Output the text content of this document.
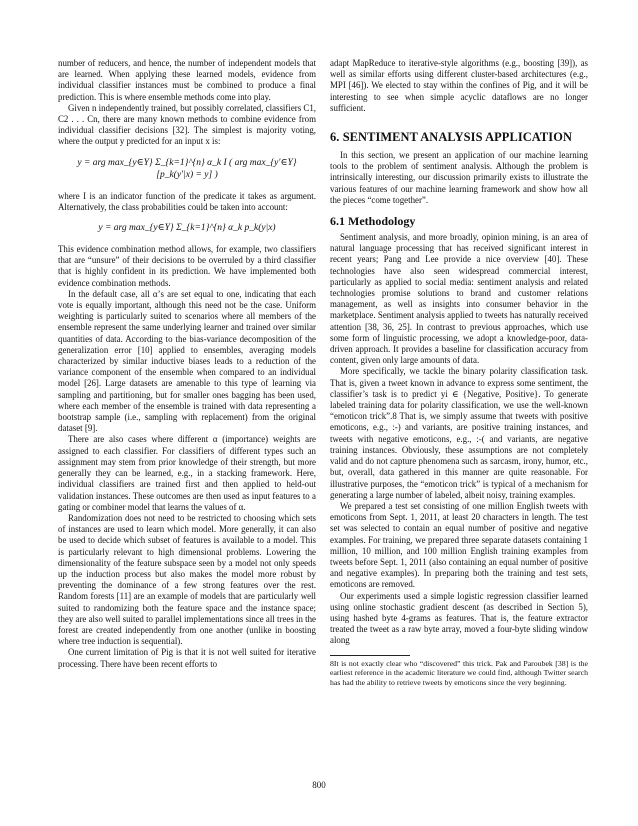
number of reducers, and hence, the number of independent models that are learned. When applying these learned models, evidence from individual classifier instances must be combined to produce a final prediction. This is where ensemble methods come into play.

Given n independently trained, but possibly correlated, classifiers C1, C2 . . . Cn, there are many known methods to combine evidence from individual classifier decisions [32]. The simplest is majority voting, where the output y predicted for an input x is:

y = arg max_{y∈Y} Σ_{k=1}^{n} α_k I ( arg max_{y′∈Y} [p_k(y′|x) = y] )

where I is an indicator function of the predicate it takes as argument. Alternatively, the class probabilities could be taken into account:

y = arg max_{y∈Y} Σ_{k=1}^{n} α_k p_k(y|x)

This evidence combination method allows, for example, two classifiers that are “unsure” of their decisions to be overruled by a third classifier that is highly confident in its prediction. We have implemented both evidence combination methods.

In the default case, all α’s are set equal to one, indicating that each vote is equally important, although this need not be the case. Uniform weighting is particularly suited to scenarios where all members of the ensemble represent the same underlying learner and trained over similar quantities of data. According to the bias-variance decomposition of the generalization error [10] applied to ensembles, averaging models characterized by similar inductive biases leads to a reduction of the variance component of the ensemble when compared to an individual model [26]. Large datasets are amenable to this type of learning via sampling and partitioning, but for smaller ones bagging has been used, where each member of the ensemble is trained with data representing a bootstrap sample (i.e., sampling with replacement) from the original dataset [9].

There are also cases where different α (importance) weights are assigned to each classifier. For classifiers of different types such an assignment may stem from prior knowledge of their strength, but more generally they can be learned, e.g., in a stacking framework. Here, individual classifiers are trained first and then applied to held-out validation instances. These outcomes are then used as input features to a gating or combiner model that learns the values of α.

Randomization does not need to be restricted to choosing which sets of instances are used to learn which model. More generally, it can also be used to decide which subset of features is available to a model. This is particularly relevant to high dimensional problems. Lowering the dimensionality of the feature subspace seen by a model not only speeds up the induction process but also makes the model more robust by preventing the dominance of a few strong features over the rest. Random forests [11] are an example of models that are particularly well suited to randomizing both the feature space and the instance space; they are also well suited to parallel implementations since all trees in the forest are created independently from one another (unlike in boosting where tree induction is sequential).

One current limitation of Pig is that it is not well suited for iterative processing. There have been recent efforts to

adapt MapReduce to iterative-style algorithms (e.g., boosting [39]), as well as similar efforts using different cluster-based architectures (e.g., MPI [46]). We elected to stay within the confines of Pig, and it will be interesting to see when simple acyclic dataflows are no longer sufficient.

6. SENTIMENT ANALYSIS APPLICATION

In this section, we present an application of our machine learning tools to the problem of sentiment analysis. Although the problem is intrinsically interesting, our discussion primarily exists to illustrate the various features of our machine learning framework and show how all the pieces “come together”.

6.1 Methodology

Sentiment analysis, and more broadly, opinion mining, is an area of natural language processing that has received significant interest in recent years; Pang and Lee provide a nice overview [40]. These technologies have also seen widespread commercial interest, particularly as applied to social media: sentiment analysis and related technologies promise solutions to brand and customer relations management, as well as insights into consumer behavior in the marketplace. Sentiment analysis applied to tweets has naturally received attention [38, 36, 25]. In contrast to previous approaches, which use some form of linguistic processing, we adopt a knowledge-poor, data-driven approach. It provides a baseline for classification accuracy from content, given only large amounts of data.

More specifically, we tackle the binary polarity classification task. That is, given a tweet known in advance to express some sentiment, the classifier’s task is to predict yi ∈ {Negative, Positive}. To generate labeled training data for polarity classification, we use the well-known “emoticon trick”.8 That is, we simply assume that tweets with positive emoticons, e.g., :-) and variants, are positive training instances, and tweets with negative emoticons, e.g., :-( and variants, are negative training instances. Obviously, these assumptions are not completely valid and do not capture phenomena such as sarcasm, irony, humor, etc., but, overall, data gathered in this manner are quite reasonable. For illustrative purposes, the “emoticon trick” is typical of a mechanism for generating a large number of labeled, albeit noisy, training examples.

We prepared a test set consisting of one million English tweets with emoticons from Sept. 1, 2011, at least 20 characters in length. The test set was selected to contain an equal number of positive and negative examples. For training, we prepared three separate datasets containing 1 million, 10 million, and 100 million English training examples from tweets before Sept. 1, 2011 (also containing an equal number of positive and negative examples). In preparing both the training and test sets, emoticons are removed.

Our experiments used a simple logistic regression classifier learned using online stochastic gradient descent (as described in Section 5), using hashed byte 4-grams as features. That is, the feature extractor treated the tweet as a raw byte array, moved a four-byte sliding window along

8It is not exactly clear who “discovered” this trick. Pak and Paroubek [38] is the earliest reference in the academic literature we could find, although Twitter search has had the ability to retrieve tweets by emoticons since the very beginning.

800
